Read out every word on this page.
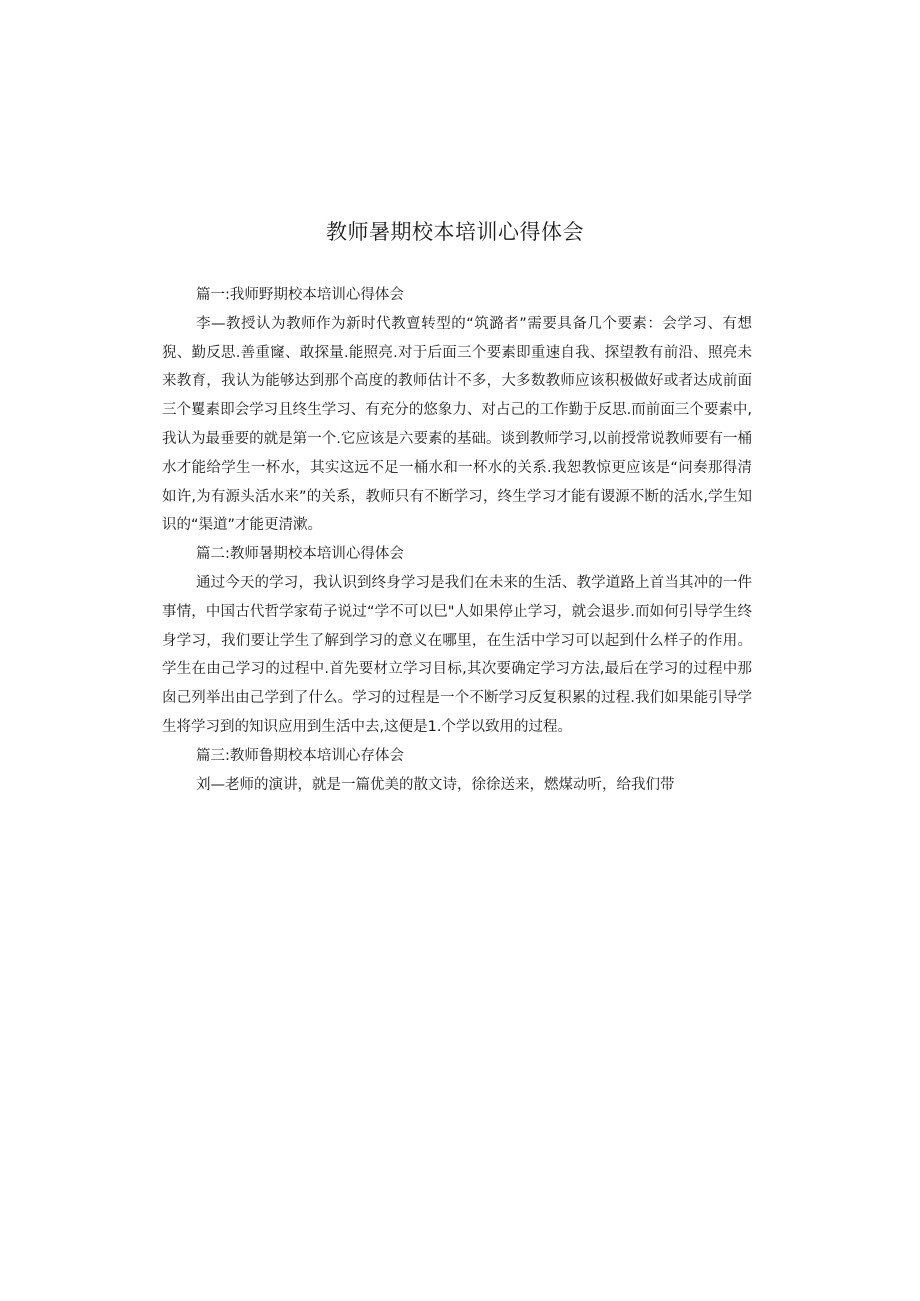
教师暑期校本培训心得体会

篇一:我师野期校本培训心得体会

李—教授认为教师作为新时代教亶转型的“筑潞者”需要具备几个要素：会学习、有想猊、勤反思.善重窿、敢探量.能照亮.对于后面三个要素即重速自我、探望教有前沿、照亮未来教育，我认为能够达到那个高度的教师估计不多，大多数教师应该积极做好或者达成前面三个矍素即会学习且终生学习、有充分的悠象力、对占己的工作勤于反思.而前面三个要素中,我认为最垂要的就是第一个.它应该是六要素的基础。谈到教师学习,以前授常说教师要有一桶水才能给学生一杯水，其实这远不足一桶水和一杯水的关系.我恕教惊更应该是“问奏那得清如许,为有源头活水来”的关系，教师只有不断学习，终生学习才能有谡源不断的活水,学生知识的“渠道”才能更清漱。

篇二:教师暑期校本培训心得体会

通过今天的学习，我认识到终身学习是我们在未来的生活、教学道路上首当其冲的一件事情，中国古代哲学家荀子说过“学不可以巳"人如果停止学习，就会退步.而如何引导学生终身学习，我们要让学生了解到学习的意义在哪里，在生活中学习可以起到什么样子的作用。学生在由己学习的过程中.首先要材立学习目标,其次要确定学习方法,最后在学习的过程中那囱己列举出由己学到了什么。学习的过程是一个不断学习反复积累的过程.我们如果能引导学生将学习到的知识应用到生活中去,这便是1.个学以致用的过程。

篇三:教师鲁期校本培训心存体会

刘—老师的演讲，就是一篇优美的散文诗，徐徐送来，燃煤动听，给我们带
